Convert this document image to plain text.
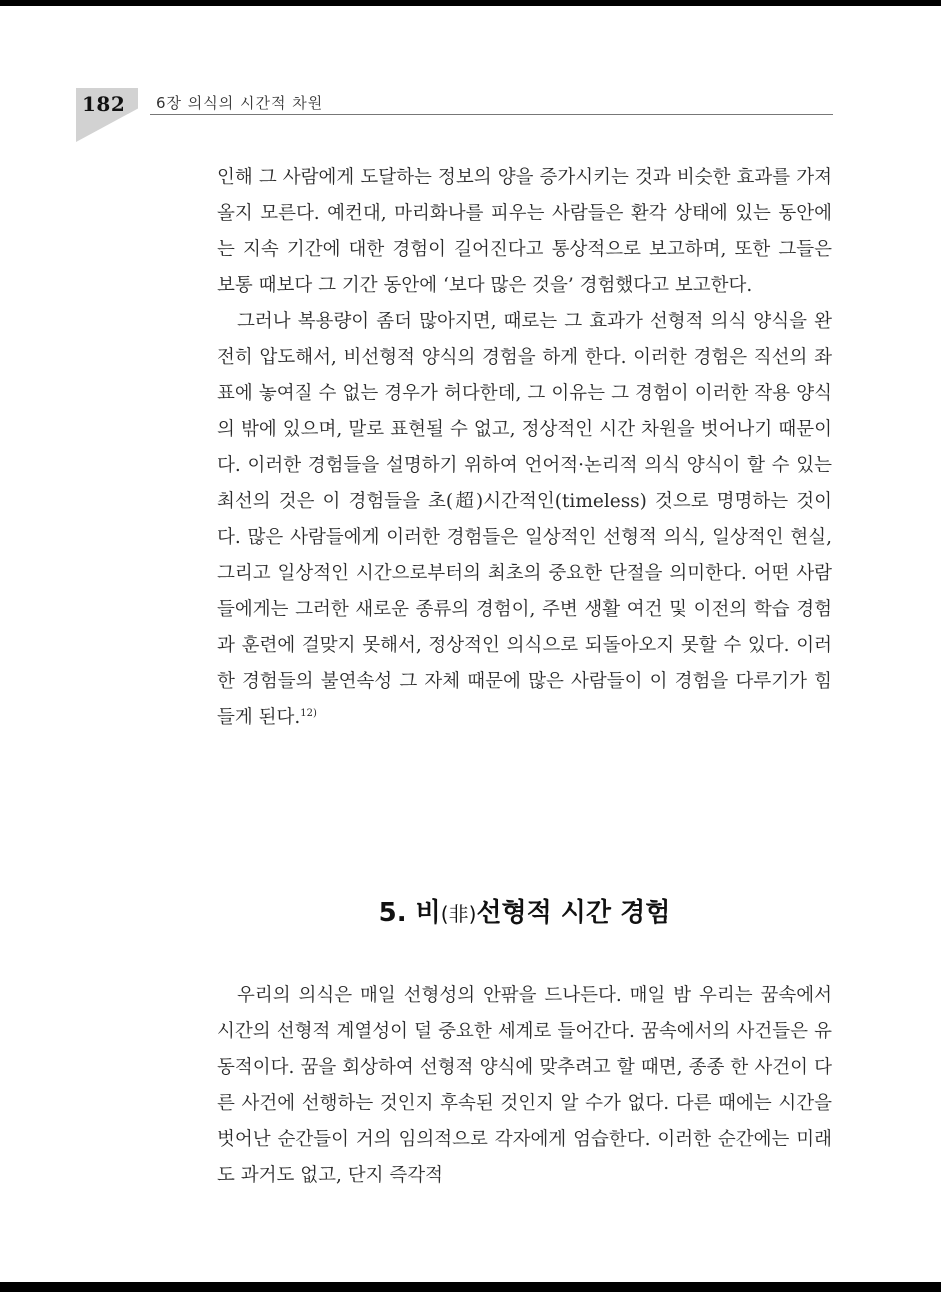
182 6장 의식의 시간적 차원

인해 그 사람에게 도달하는 정보의 양을 증가시키는 것과 비슷한 효과를 가져올지 모른다. 예컨대, 마리화나를 피우는 사람들은 환각 상태에 있는 동안에는 지속 기간에 대한 경험이 길어진다고 통상적으로 보고하며, 또한 그들은 보통 때보다 그 기간 동안에 ‘보다 많은 것을’ 경험했다고 보고한다.

그러나 복용량이 좀더 많아지면, 때로는 그 효과가 선형적 의식 양식을 완전히 압도해서, 비선형적 양식의 경험을 하게 한다. 이러한 경험은 직선의 좌표에 놓여질 수 없는 경우가 허다한데, 그 이유는 그 경험이 이러한 작용 양식의 밖에 있으며, 말로 표현될 수 없고, 정상적인 시간 차원을 벗어나기 때문이다. 이러한 경험들을 설명하기 위하여 언어적·논리적 의식 양식이 할 수 있는 최선의 것은 이 경험들을 초(超)시간적인(timeless) 것으로 명명하는 것이다. 많은 사람들에게 이러한 경험들은 일상적인 선형적 의식, 일상적인 현실, 그리고 일상적인 시간으로부터의 최초의 중요한 단절을 의미한다. 어떤 사람들에게는 그러한 새로운 종류의 경험이, 주변 생활 여건 및 이전의 학습 경험과 훈련에 걸맞지 못해서, 정상적인 의식으로 되돌아오지 못할 수 있다. 이러한 경험들의 불연속성 그 자체 때문에 많은 사람들이 이 경험을 다루기가 힘들게 된다.$^{12)}$

5. 비(非)선형적 시간 경험

우리의 의식은 매일 선형성의 안팎을 드나든다. 매일 밤 우리는 꿈속에서 시간의 선형적 계열성이 덜 중요한 세계로 들어간다. 꿈속에서의 사건들은 유동적이다. 꿈을 회상하여 선형적 양식에 맞추려고 할 때면, 종종 한 사건이 다른 사건에 선행하는 것인지 후속된 것인지 알 수가 없다. 다른 때에는 시간을 벗어난 순간들이 거의 임의적으로 각자에게 엄습한다. 이러한 순간에는 미래도 과거도 없고, 단지 즉각적
